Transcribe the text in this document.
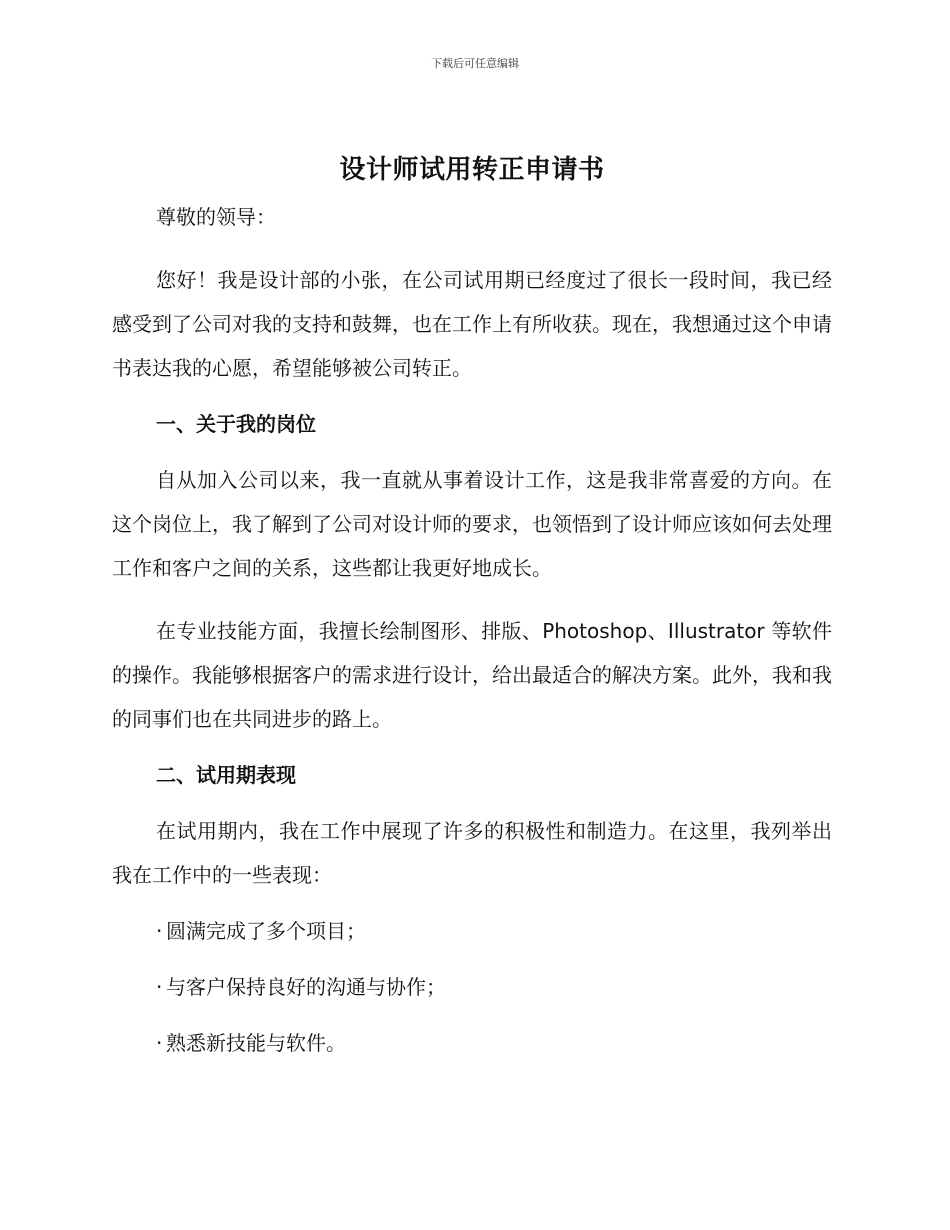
下载后可任意编辑
设计师试用转正申请书

尊敬的领导：

您好！我是设计部的小张，在公司试用期已经度过了很长一段时间，我已经感受到了公司对我的支持和鼓舞，也在工作上有所收获。现在，我想通过这个申请书表达我的心愿，希望能够被公司转正。

一、关于我的岗位

自从加入公司以来，我一直就从事着设计工作，这是我非常喜爱的方向。在这个岗位上，我了解到了公司对设计师的要求，也领悟到了设计师应该如何去处理工作和客户之间的关系，这些都让我更好地成长。

在专业技能方面，我擅长绘制图形、排版、Photoshop、Illustrator 等软件的操作。我能够根据客户的需求进行设计，给出最适合的解决方案。此外，我和我的同事们也在共同进步的路上。

二、试用期表现

在试用期内，我在工作中展现了许多的积极性和制造力。在这里，我列举出我在工作中的一些表现：

· 圆满完成了多个项目；
· 与客户保持良好的沟通与协作；
· 熟悉新技能与软件。
